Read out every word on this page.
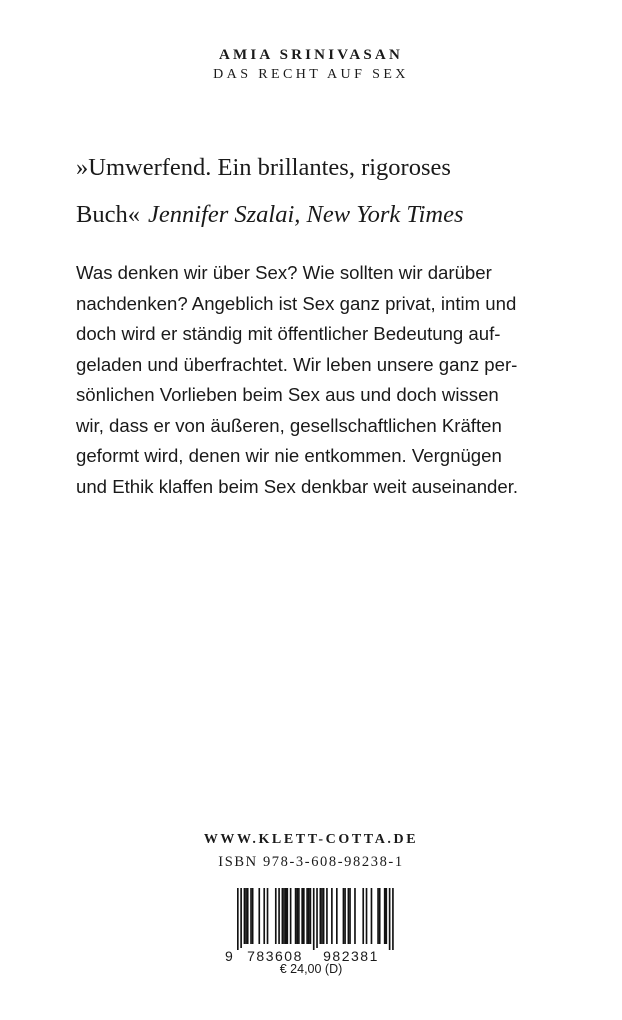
AMIA SRINIVASAN
DAS RECHT AUF SEX
»Umwerfend. Ein brillantes, rigoroses
Buch« Jennifer Szalai, New York Times
Was denken wir über Sex? Wie sollten wir darüber
nachdenken? Angeblich ist Sex ganz privat, intim und
doch wird er ständig mit öffentlicher Bedeutung auf-
geladen und überfrachtet. Wir leben unsere ganz per-
sönlichen Vorlieben beim Sex aus und doch wissen
wir, dass er von äußeren, gesellschaftlichen Kräften
geformt wird, denen wir nie entkommen. Vergnügen
und Ethik klaffen beim Sex denkbar weit auseinander.
WWW.KLETT-COTTA.DE
ISBN 978-3-608-98238-1
9 783608	982381
€ 24,00 (D)
